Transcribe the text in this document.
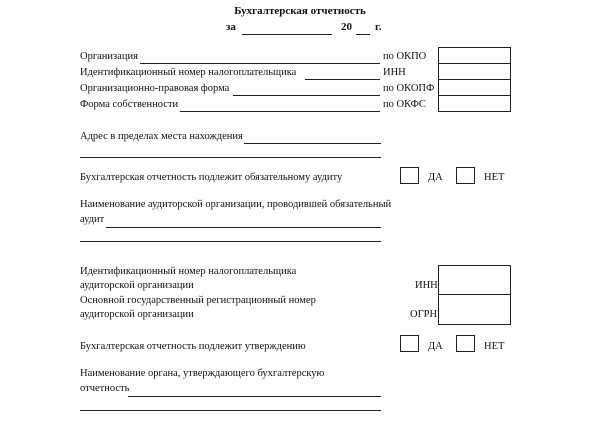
Бухгалтерская отчетность
за	20 г.
Организация	по ОКПО
Идентификационный номер налогоплательщика	ИНН
Организационно-правовая форма	по ОКОПФ
Форма собственности	по ОКФС
Адрес в пределах места нахождения
Бухгалтерская отчетность подлежит обязательному аудиту	ДА	НЕТ
Наименование аудиторской организации, проводившей обязательный
аудит
Идентификационный номер налогоплательщика
аудиторской организации	ИНН
Основной государственный регистрационный номер
аудиторской организации	ОГРН
Бухгалтерская отчетность подлежит утверждению	ДА	НЕТ
Наименование органа, утверждающего бухгалтерскую
отчетность
